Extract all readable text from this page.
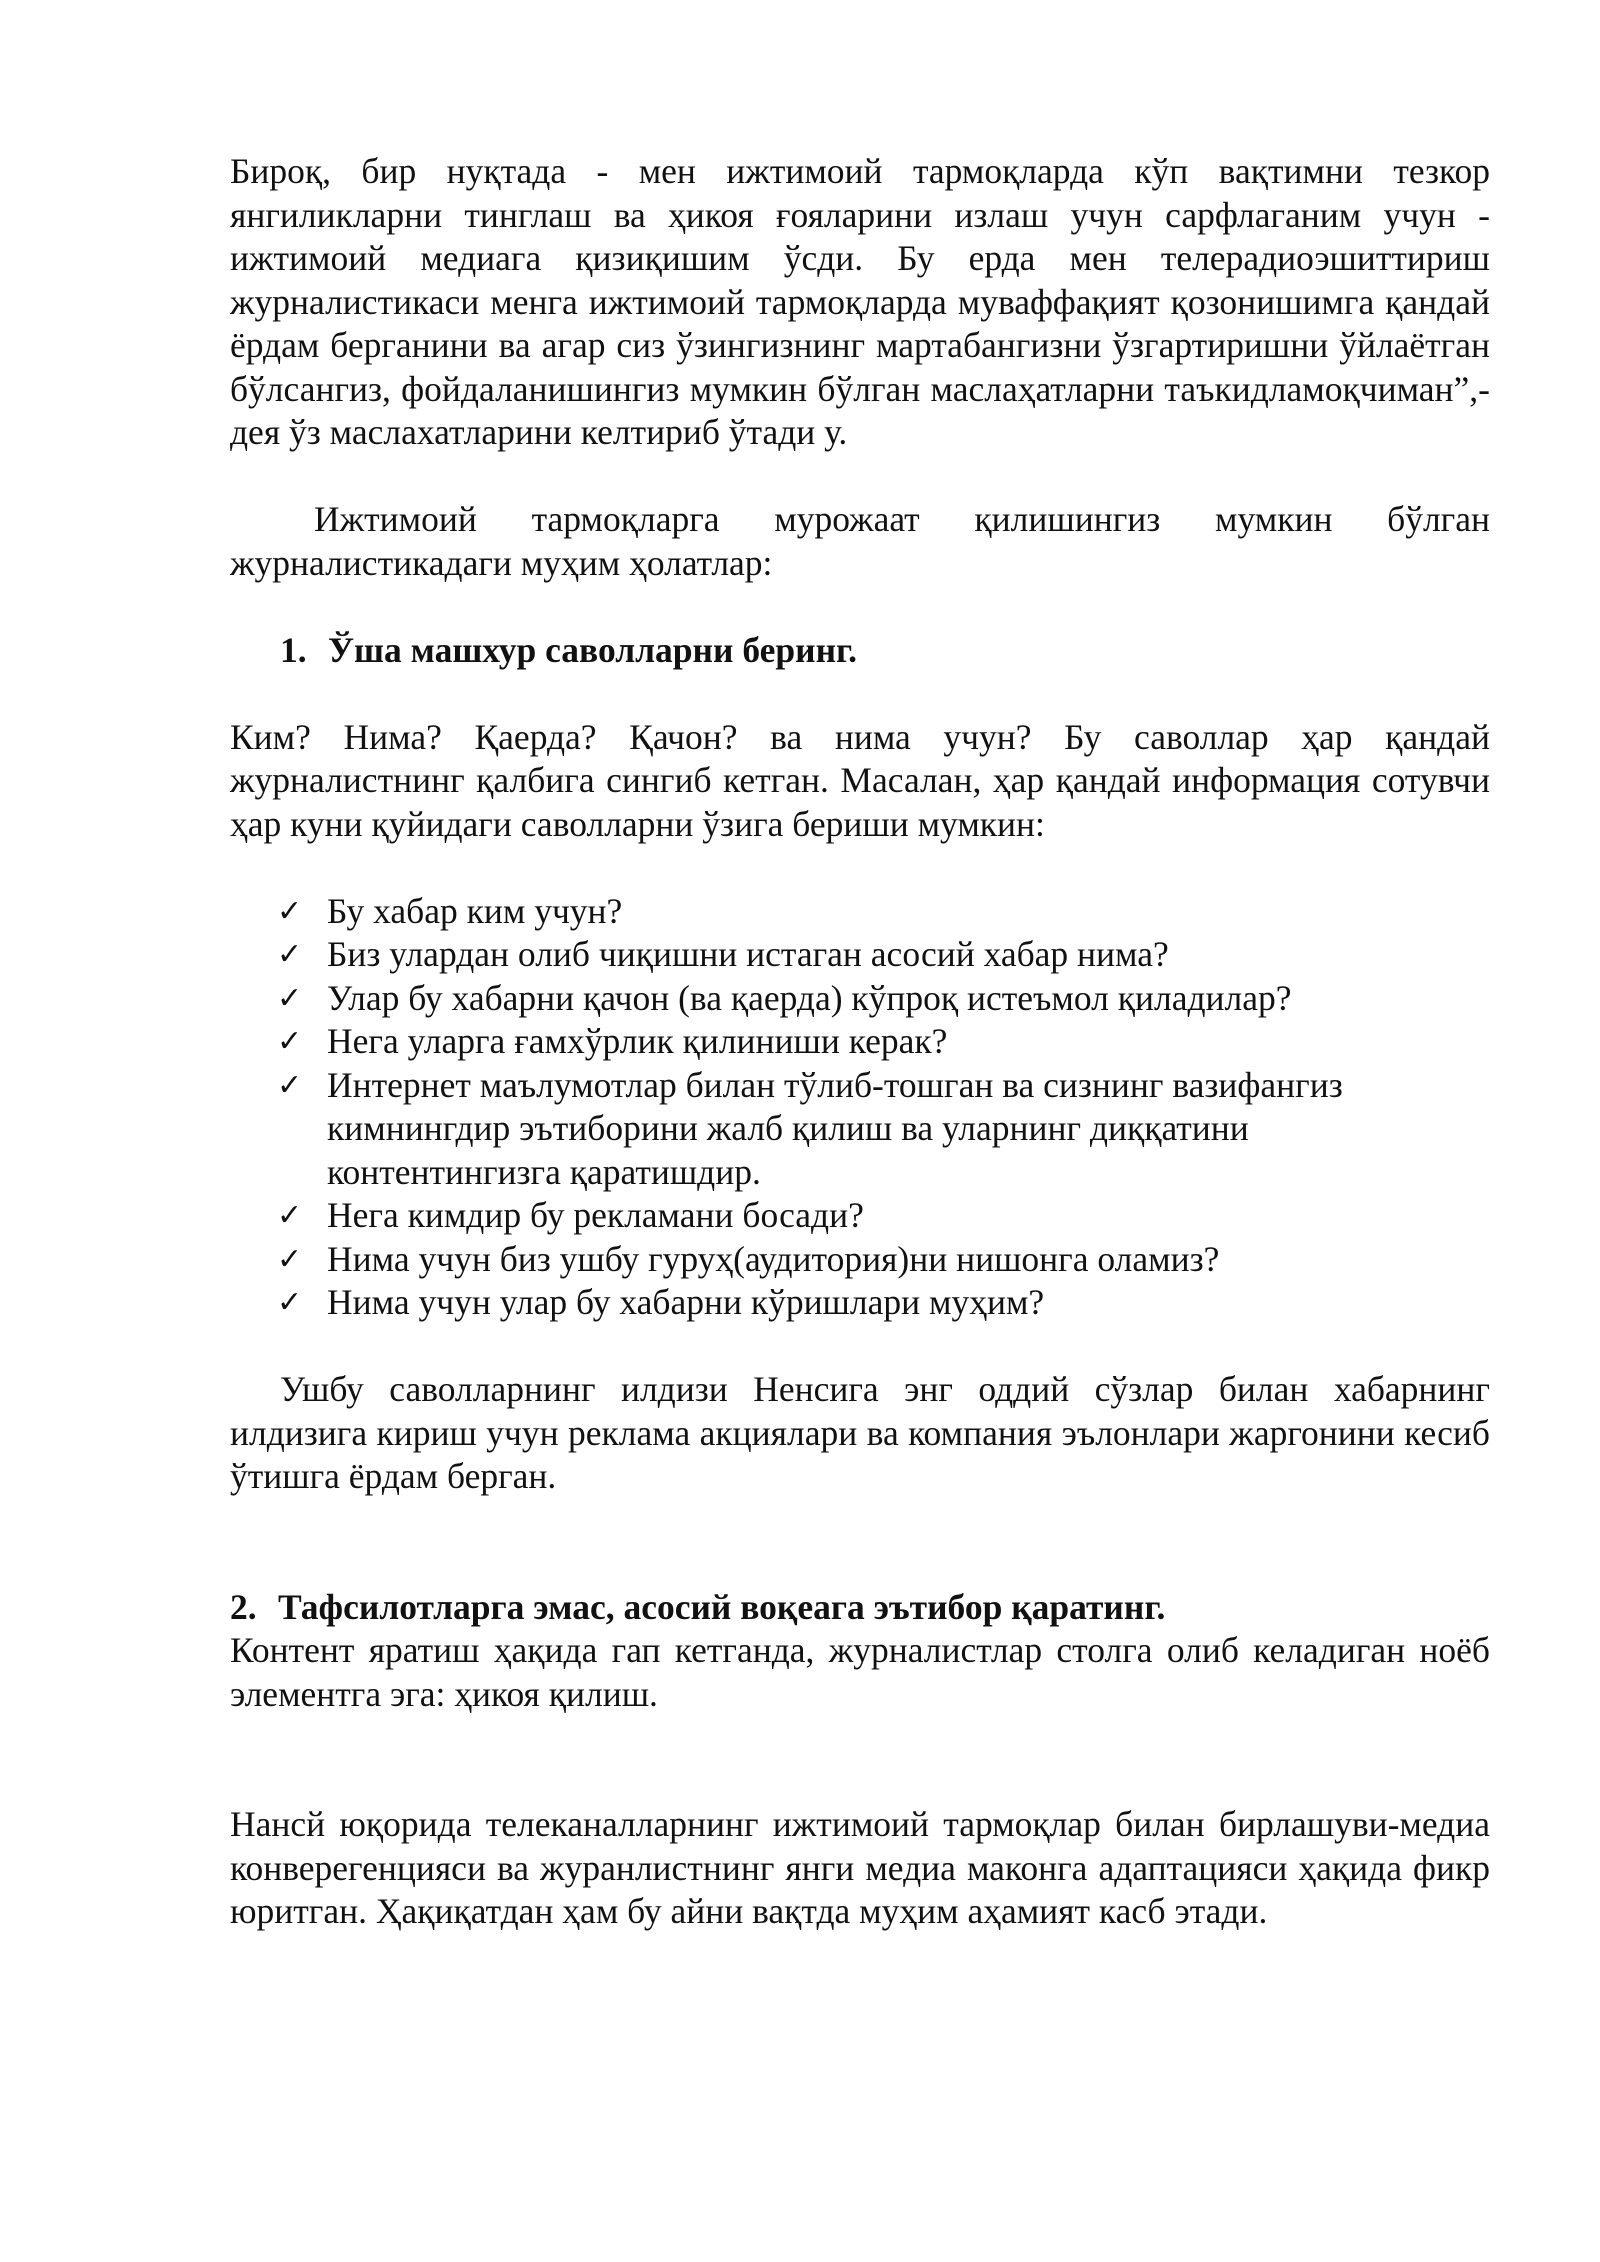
Бироқ, бир нуқтада - мен ижтимоий тармоқларда кўп вақтимни тезкор янгиликларни тинглаш ва ҳикоя ғояларини излаш учун сарфлаганим учун - ижтимоий медиага қизиқишим ўсди. Бу ерда мен телерадиоэшиттириш журналистикаси менга ижтимоий тармоқларда муваффақият қозонишимга қандай ёрдам берганини ва агар сиз ўзингизнинг мартабангизни ўзгартиришни ўйлаётган бўлсангиз, фойдаланишингиз мумкин бўлган маслаҳатларни таъкидламоқчиман”,-дея ўз маслахатларини келтириб ўтади у.

Ижтимоий тармоқларга мурожаат қилишингиз мумкин бўлган журналистикадаги муҳим ҳолатлар:

1. Ўша машхур саволларни беринг.

Ким? Нима? Қаерда? Қачон? ва нима учун? Бу саволлар ҳар қандай журналистнинг қалбига сингиб кетган. Масалан, ҳар қандай информация сотувчи ҳар куни қуйидаги саволларни ўзига бериши мумкин:

✓ Бу хабар ким учун?
✓ Биз улардан олиб чиқишни истаган асосий хабар нима?
✓ Улар бу хабарни қачон (ва қаерда) кўпроқ истеъмол қиладилар?
✓ Нега уларга ғамхўрлик қилиниши керак?
✓ Интернет маълумотлар билан тўлиб-тошган ва сизнинг вазифангиз кимнингдир эътиборини жалб қилиш ва уларнинг диққатини контентингизга қаратишдир.
✓ Нега кимдир бу рекламани босади?
✓ Нима учун биз ушбу гуруҳ(аудитория)ни нишонга оламиз?
✓ Нима учун улар бу хабарни кўришлари муҳим?

Ушбу саволларнинг илдизи Ненсига энг оддий сўзлар билан хабарнинг илдизига кириш учун реклама акциялари ва компания эълонлари жаргонини кесиб ўтишга ёрдам берган.

2. Тафсилотларга эмас, асосий воқеага эътибор қаратинг.

Контент яратиш ҳақида гап кетганда, журналистлар столга олиб келадиган ноёб элементга эга: ҳикоя қилиш.

Нансй юқорида телеканалларнинг ижтимоий тармоқлар билан бирлашуви-медиа конверегенцияси ва журанлистнинг янги медиа маконга адаптацияси ҳақида фикр юритган. Ҳақиқатдан ҳам бу айни вақтда муҳим аҳамият касб этади.
